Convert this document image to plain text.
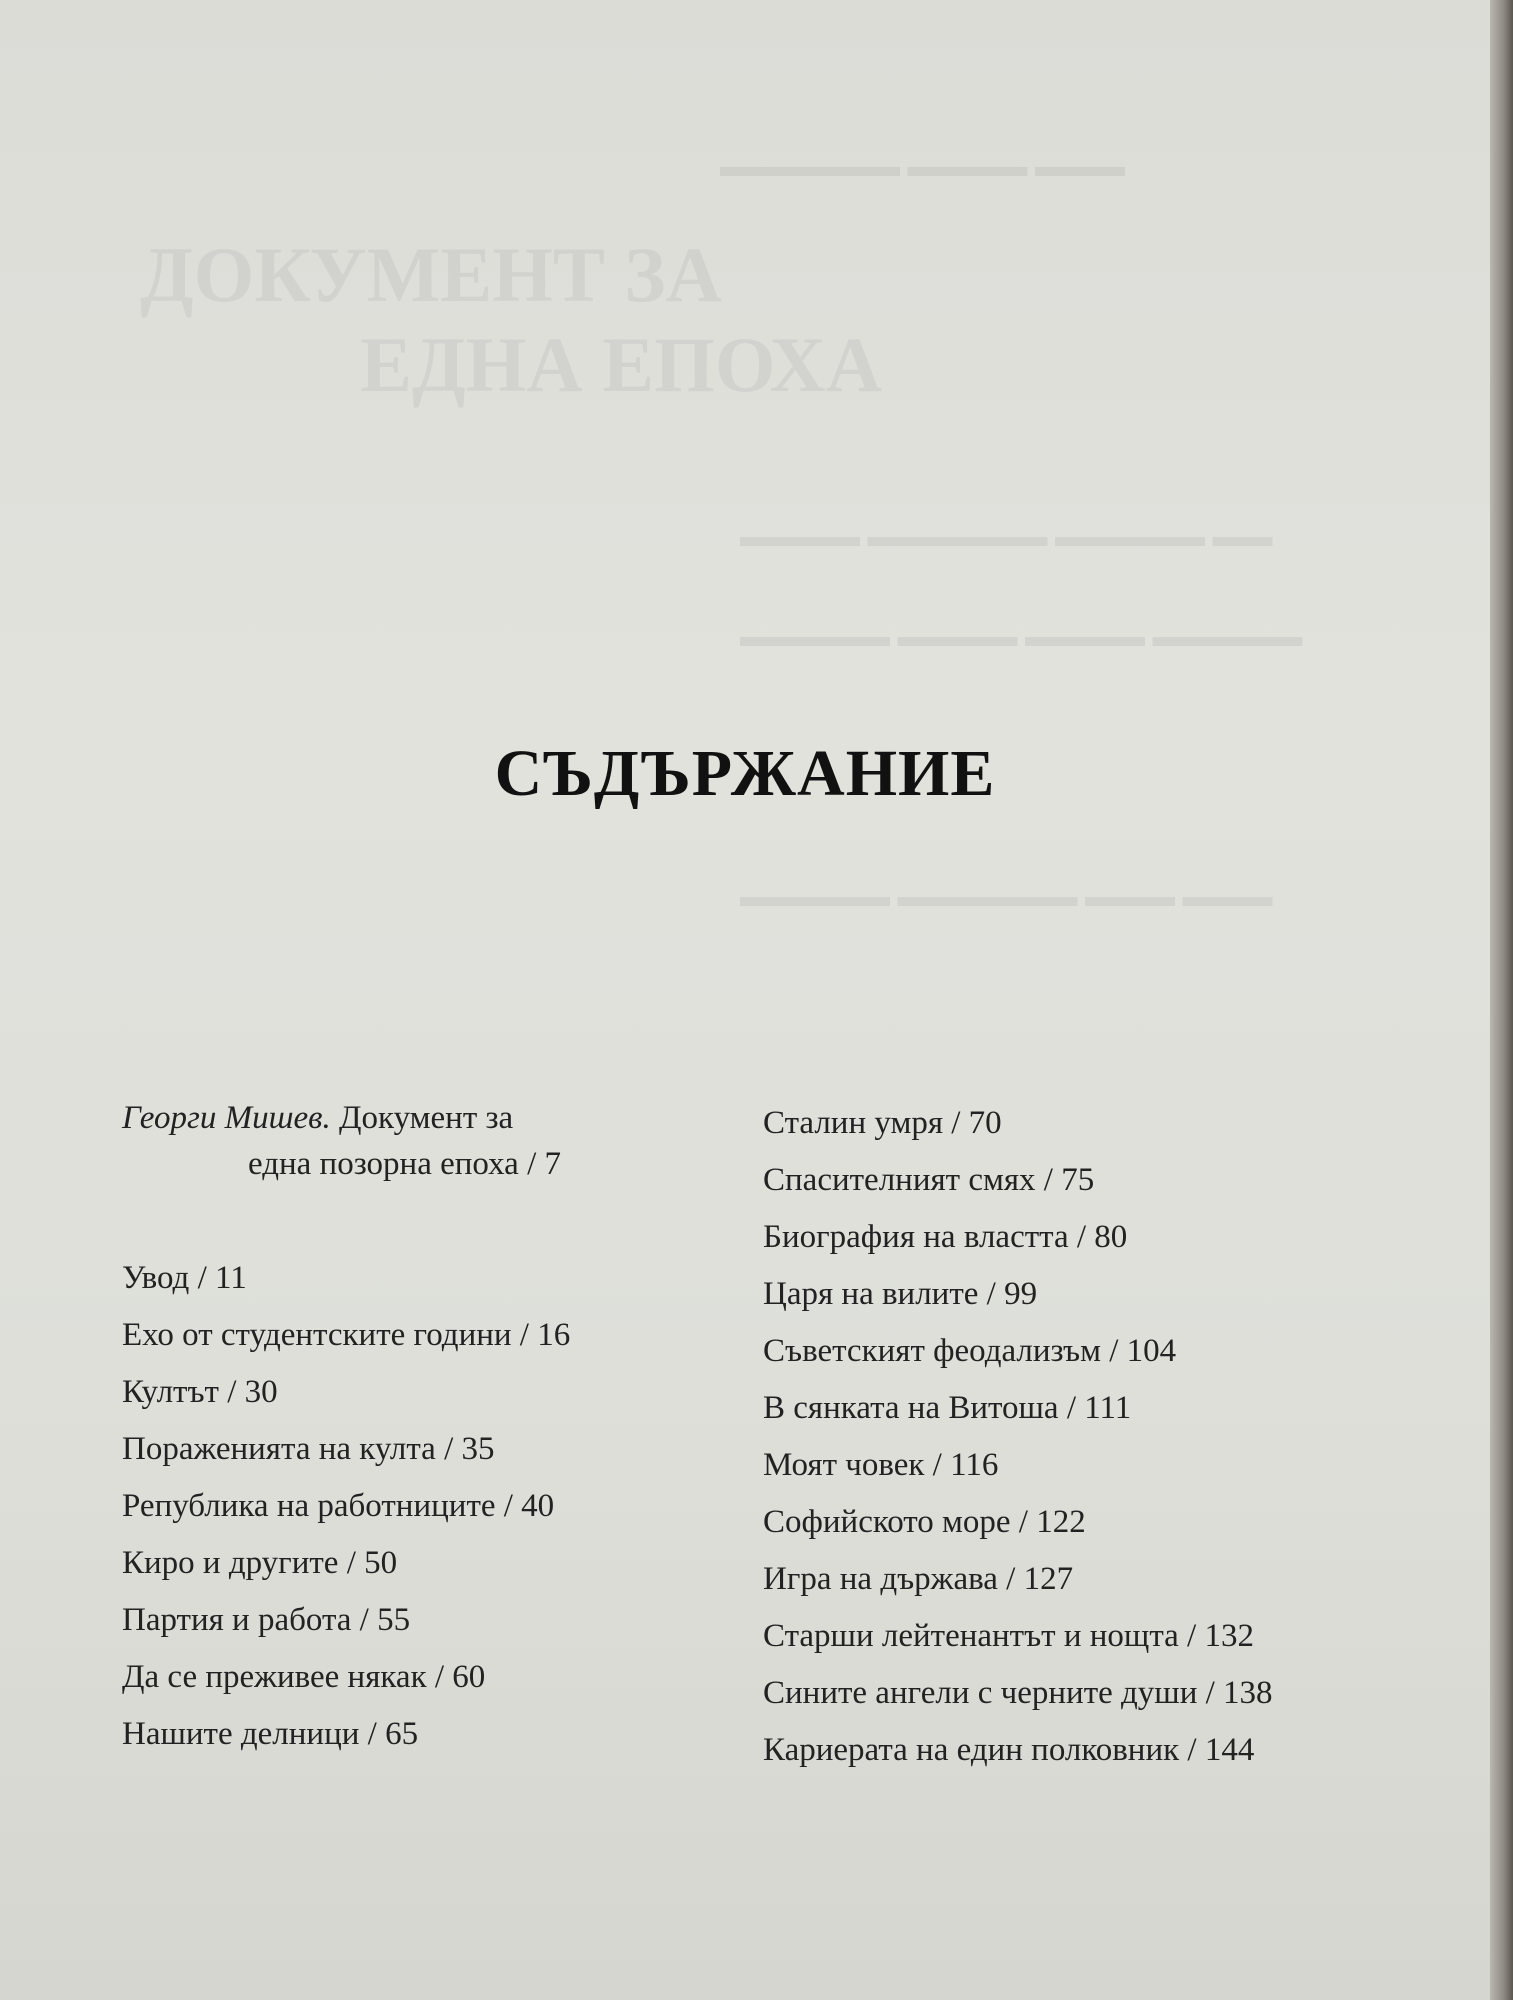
ДОКУМЕНТ ЗА
ЕДНА ЕПОХА
▬▬▬▬▬▬ ▬▬▬▬ ▬▬▬
▬▬▬▬ ▬▬▬▬▬▬ ▬▬▬▬▬ ▬▬
▬▬▬▬▬ ▬▬▬▬ ▬▬▬▬ ▬▬▬▬▬
▬▬▬▬▬ ▬▬▬▬▬▬ ▬▬▬ ▬▬▬
СЪДЪРЖАНИЕ
Георги Мишев. Документ за
една позорна епоха / 7
Увод / 11
Ехо от студентските години / 16
Култът / 30
Пораженията на култа / 35
Република на работниците / 40
Киро и другите / 50
Партия и работа / 55
Да се преживее някак / 60
Нашите делници / 65
Сталин умря / 70
Спасителният смях / 75
Биография на властта / 80
Царя на вилите / 99
Съветският феодализъм / 104
В сянката на Витоша / 111
Моят човек / 116
Софийското море / 122
Игра на държава / 127
Старши лейтенантът и нощта / 132
Сините ангели с черните души / 138
Кариерата на един полковник / 144
